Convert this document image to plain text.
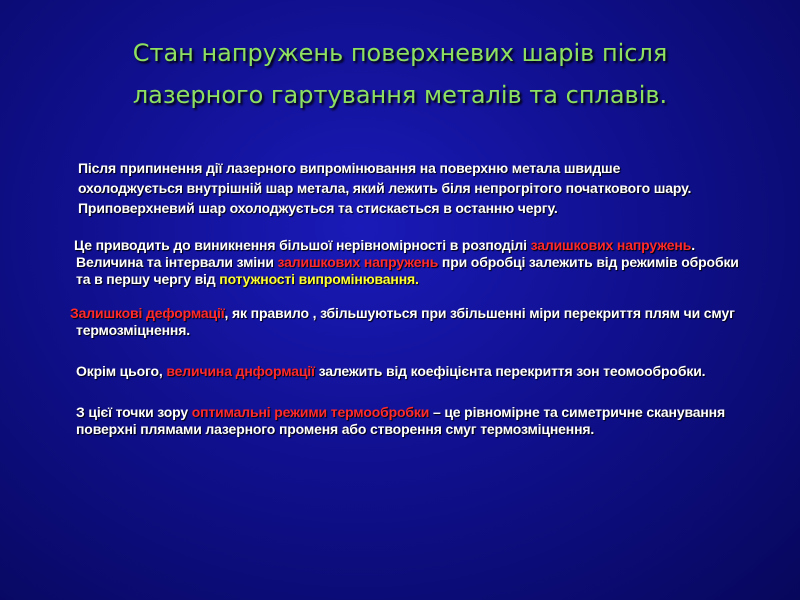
Стан напружень поверхневих шарів після
лазерного гартування металів та сплавів.

Після припинення дії лазерного випромінювання на поверхню метала швидше
охолоджується внутрішній шар метала, який лежить біля непрогрітого початкового шару.
Приповерхневий шар охолоджується та стискається в останню чергу.

Це приводить до виникнення більшої нерівномірності в розподілі залишкових напружень. Величина та інтервали зміни залишкових напружень при обробці залежить від режимів обробки та в першу чергу від потужності випромінювання.

Залишкові деформації, як правило , збільшуються при збільшенні міри перекриття плям чи смуг термозміцнення.

Окрім цього, величина днформації залежить від коефіцієнта перекриття зон теомообробки.

З цієї точки зору оптимальні режими термообробки – це рівномірне та симетричне сканування поверхні плямами лазерного променя або створення смуг термозміцнення.
